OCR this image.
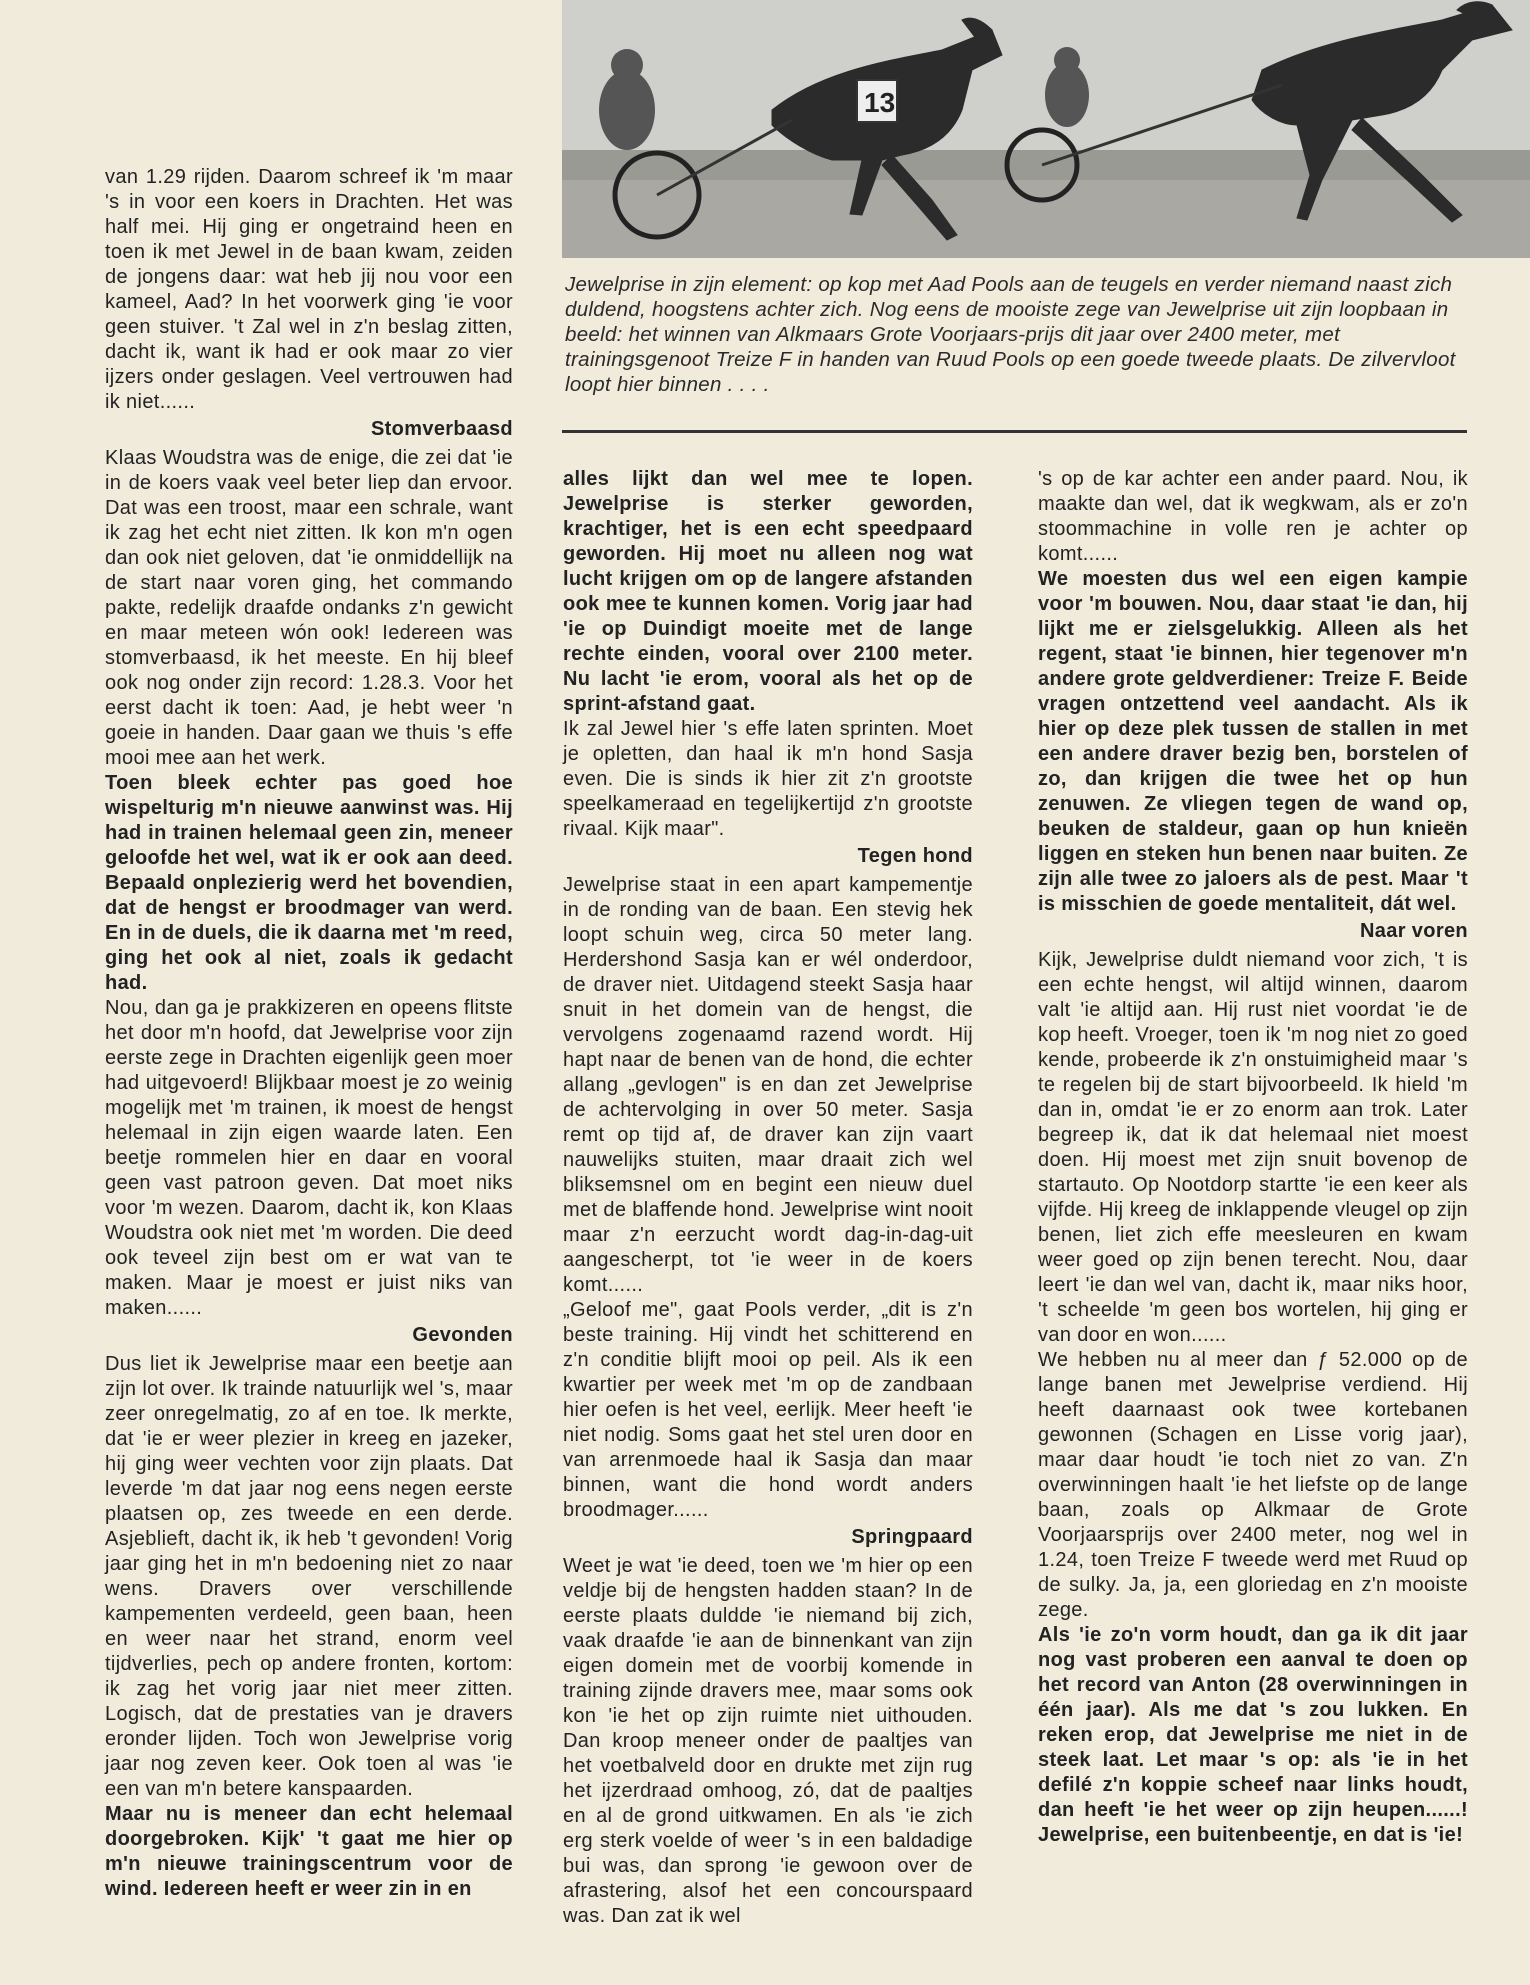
13
Jewelprise in zijn element: op kop met Aad Pools aan de teugels en verder niemand naast zich duldend, hoogstens achter zich. Nog eens de mooiste zege van Jewelprise uit zijn loopbaan in beeld: het winnen van Alkmaars Grote Voorjaars-prijs dit jaar over 2400 meter, met trainingsgenoot Treize F in handen van Ruud Pools op een goede tweede plaats. De zilvervloot loopt hier binnen . . . .

van 1.29 rijden. Daarom schreef ik 'm maar 's in voor een koers in Drachten. Het was half mei. Hij ging er ongetraind heen en toen ik met Jewel in de baan kwam, zeiden de jongens daar: wat heb jij nou voor een kameel, Aad? In het voorwerk ging 'ie voor geen stuiver. 't Zal wel in z'n beslag zitten, dacht ik, want ik had er ook maar zo vier ijzers onder geslagen. Veel vertrouwen had ik niet......

Stomverbaasd

Klaas Woudstra was de enige, die zei dat 'ie in de koers vaak veel beter liep dan ervoor. Dat was een troost, maar een schrale, want ik zag het echt niet zitten. Ik kon m'n ogen dan ook niet geloven, dat 'ie onmiddellijk na de start naar voren ging, het commando pakte, redelijk draafde ondanks z'n gewicht en maar meteen wón ook! Iedereen was stomverbaasd, ik het meeste. En hij bleef ook nog onder zijn record: 1.28.3. Voor het eerst dacht ik toen: Aad, je hebt weer 'n goeie in handen. Daar gaan we thuis 's effe mooi mee aan het werk.

Toen bleek echter pas goed hoe wispelturig m'n nieuwe aanwinst was. Hij had in trainen helemaal geen zin, meneer geloofde het wel, wat ik er ook aan deed. Bepaald onplezierig werd het bovendien, dat de hengst er broodmager van werd. En in de duels, die ik daarna met 'm reed, ging het ook al niet, zoals ik gedacht had.

Nou, dan ga je prakkizeren en opeens flitste het door m'n hoofd, dat Jewelprise voor zijn eerste zege in Drachten eigenlijk geen moer had uitgevoerd! Blijkbaar moest je zo weinig mogelijk met 'm trainen, ik moest de hengst helemaal in zijn eigen waarde laten. Een beetje rommelen hier en daar en vooral geen vast patroon geven. Dat moet niks voor 'm wezen. Daarom, dacht ik, kon Klaas Woudstra ook niet met 'm worden. Die deed ook teveel zijn best om er wat van te maken. Maar je moest er juist niks van maken......

Gevonden

Dus liet ik Jewelprise maar een beetje aan zijn lot over. Ik trainde natuurlijk wel 's, maar zeer onregelmatig, zo af en toe. Ik merkte, dat 'ie er weer plezier in kreeg en jazeker, hij ging weer vechten voor zijn plaats. Dat leverde 'm dat jaar nog eens negen eerste plaatsen op, zes tweede en een derde. Asjeblieft, dacht ik, ik heb 't gevonden! Vorig jaar ging het in m'n bedoening niet zo naar wens. Dravers over verschillende kampementen verdeeld, geen baan, heen en weer naar het strand, enorm veel tijdverlies, pech op andere fronten, kortom: ik zag het vorig jaar niet meer zitten. Logisch, dat de prestaties van je dravers eronder lijden. Toch won Jewelprise vorig jaar nog zeven keer. Ook toen al was 'ie een van m'n betere kanspaarden.

Maar nu is meneer dan echt helemaal doorgebroken. Kijk' 't gaat me hier op m'n nieuwe trainingscentrum voor de wind. Iedereen heeft er weer zin in en

alles lijkt dan wel mee te lopen. Jewelprise is sterker geworden, krachtiger, het is een echt speedpaard geworden. Hij moet nu alleen nog wat lucht krijgen om op de langere afstanden ook mee te kunnen komen. Vorig jaar had 'ie op Duindigt moeite met de lange rechte einden, vooral over 2100 meter. Nu lacht 'ie erom, vooral als het op de sprint-afstand gaat.

Ik zal Jewel hier 's effe laten sprinten. Moet je opletten, dan haal ik m'n hond Sasja even. Die is sinds ik hier zit z'n grootste speelkameraad en tegelijkertijd z'n grootste rivaal. Kijk maar".

Tegen hond

Jewelprise staat in een apart kampementje in de ronding van de baan. Een stevig hek loopt schuin weg, circa 50 meter lang. Herdershond Sasja kan er wél onderdoor, de draver niet. Uitdagend steekt Sasja haar snuit in het domein van de hengst, die vervolgens zogenaamd razend wordt. Hij hapt naar de benen van de hond, die echter allang „gevlogen" is en dan zet Jewelprise de achtervolging in over 50 meter. Sasja remt op tijd af, de draver kan zijn vaart nauwelijks stuiten, maar draait zich wel bliksemsnel om en begint een nieuw duel met de blaffende hond. Jewelprise wint nooit maar z'n eerzucht wordt dag-in-dag-uit aangescherpt, tot 'ie weer in de koers komt......

„Geloof me", gaat Pools verder, „dit is z'n beste training. Hij vindt het schitterend en z'n conditie blijft mooi op peil. Als ik een kwartier per week met 'm op de zandbaan hier oefen is het veel, eerlijk. Meer heeft 'ie niet nodig. Soms gaat het stel uren door en van arrenmoede haal ik Sasja dan maar binnen, want die hond wordt anders broodmager......

Springpaard

Weet je wat 'ie deed, toen we 'm hier op een veldje bij de hengsten hadden staan? In de eerste plaats duldde 'ie niemand bij zich, vaak draafde 'ie aan de binnenkant van zijn eigen domein met de voorbij komende in training zijnde dravers mee, maar soms ook kon 'ie het op zijn ruimte niet uithouden. Dan kroop meneer onder de paaltjes van het voetbalveld door en drukte met zijn rug het ijzerdraad omhoog, zó, dat de paaltjes en al de grond uitkwamen. En als 'ie zich erg sterk voelde of weer 's in een baldadige bui was, dan sprong 'ie gewoon over de afrastering, alsof het een concourspaard was. Dan zat ik wel

's op de kar achter een ander paard. Nou, ik maakte dan wel, dat ik wegkwam, als er zo'n stoommachine in volle ren je achter op komt......

We moesten dus wel een eigen kampie voor 'm bouwen. Nou, daar staat 'ie dan, hij lijkt me er zielsgelukkig. Alleen als het regent, staat 'ie binnen, hier tegenover m'n andere grote geldverdiener: Treize F. Beide vragen ontzettend veel aandacht. Als ik hier op deze plek tussen de stallen in met een andere draver bezig ben, borstelen of zo, dan krijgen die twee het op hun zenuwen. Ze vliegen tegen de wand op, beuken de staldeur, gaan op hun knieën liggen en steken hun benen naar buiten. Ze zijn alle twee zo jaloers als de pest. Maar 't is misschien de goede mentaliteit, dát wel.

Naar voren

Kijk, Jewelprise duldt niemand voor zich, 't is een echte hengst, wil altijd winnen, daarom valt 'ie altijd aan. Hij rust niet voordat 'ie de kop heeft. Vroeger, toen ik 'm nog niet zo goed kende, probeerde ik z'n onstuimigheid maar 's te regelen bij de start bijvoorbeeld. Ik hield 'm dan in, omdat 'ie er zo enorm aan trok. Later begreep ik, dat ik dat helemaal niet moest doen. Hij moest met zijn snuit bovenop de startauto. Op Nootdorp startte 'ie een keer als vijfde. Hij kreeg de inklappende vleugel op zijn benen, liet zich effe meesleuren en kwam weer goed op zijn benen terecht. Nou, daar leert 'ie dan wel van, dacht ik, maar niks hoor, 't scheelde 'm geen bos wortelen, hij ging er van door en won......

We hebben nu al meer dan ƒ 52.000 op de lange banen met Jewelprise verdiend. Hij heeft daarnaast ook twee kortebanen gewonnen (Schagen en Lisse vorig jaar), maar daar houdt 'ie toch niet zo van. Z'n overwinningen haalt 'ie het liefste op de lange baan, zoals op Alkmaar de Grote Voorjaarsprijs over 2400 meter, nog wel in 1.24, toen Treize F tweede werd met Ruud op de sulky. Ja, ja, een gloriedag en z'n mooiste zege.

Als 'ie zo'n vorm houdt, dan ga ik dit jaar nog vast proberen een aanval te doen op het record van Anton (28 overwinningen in één jaar). Als me dat 's zou lukken. En reken erop, dat Jewelprise me niet in de steek laat. Let maar 's op: als 'ie in het defilé z'n koppie scheef naar links houdt, dan heeft 'ie het weer op zijn heupen......! Jewelprise, een buitenbeentje, en dat is 'ie!
